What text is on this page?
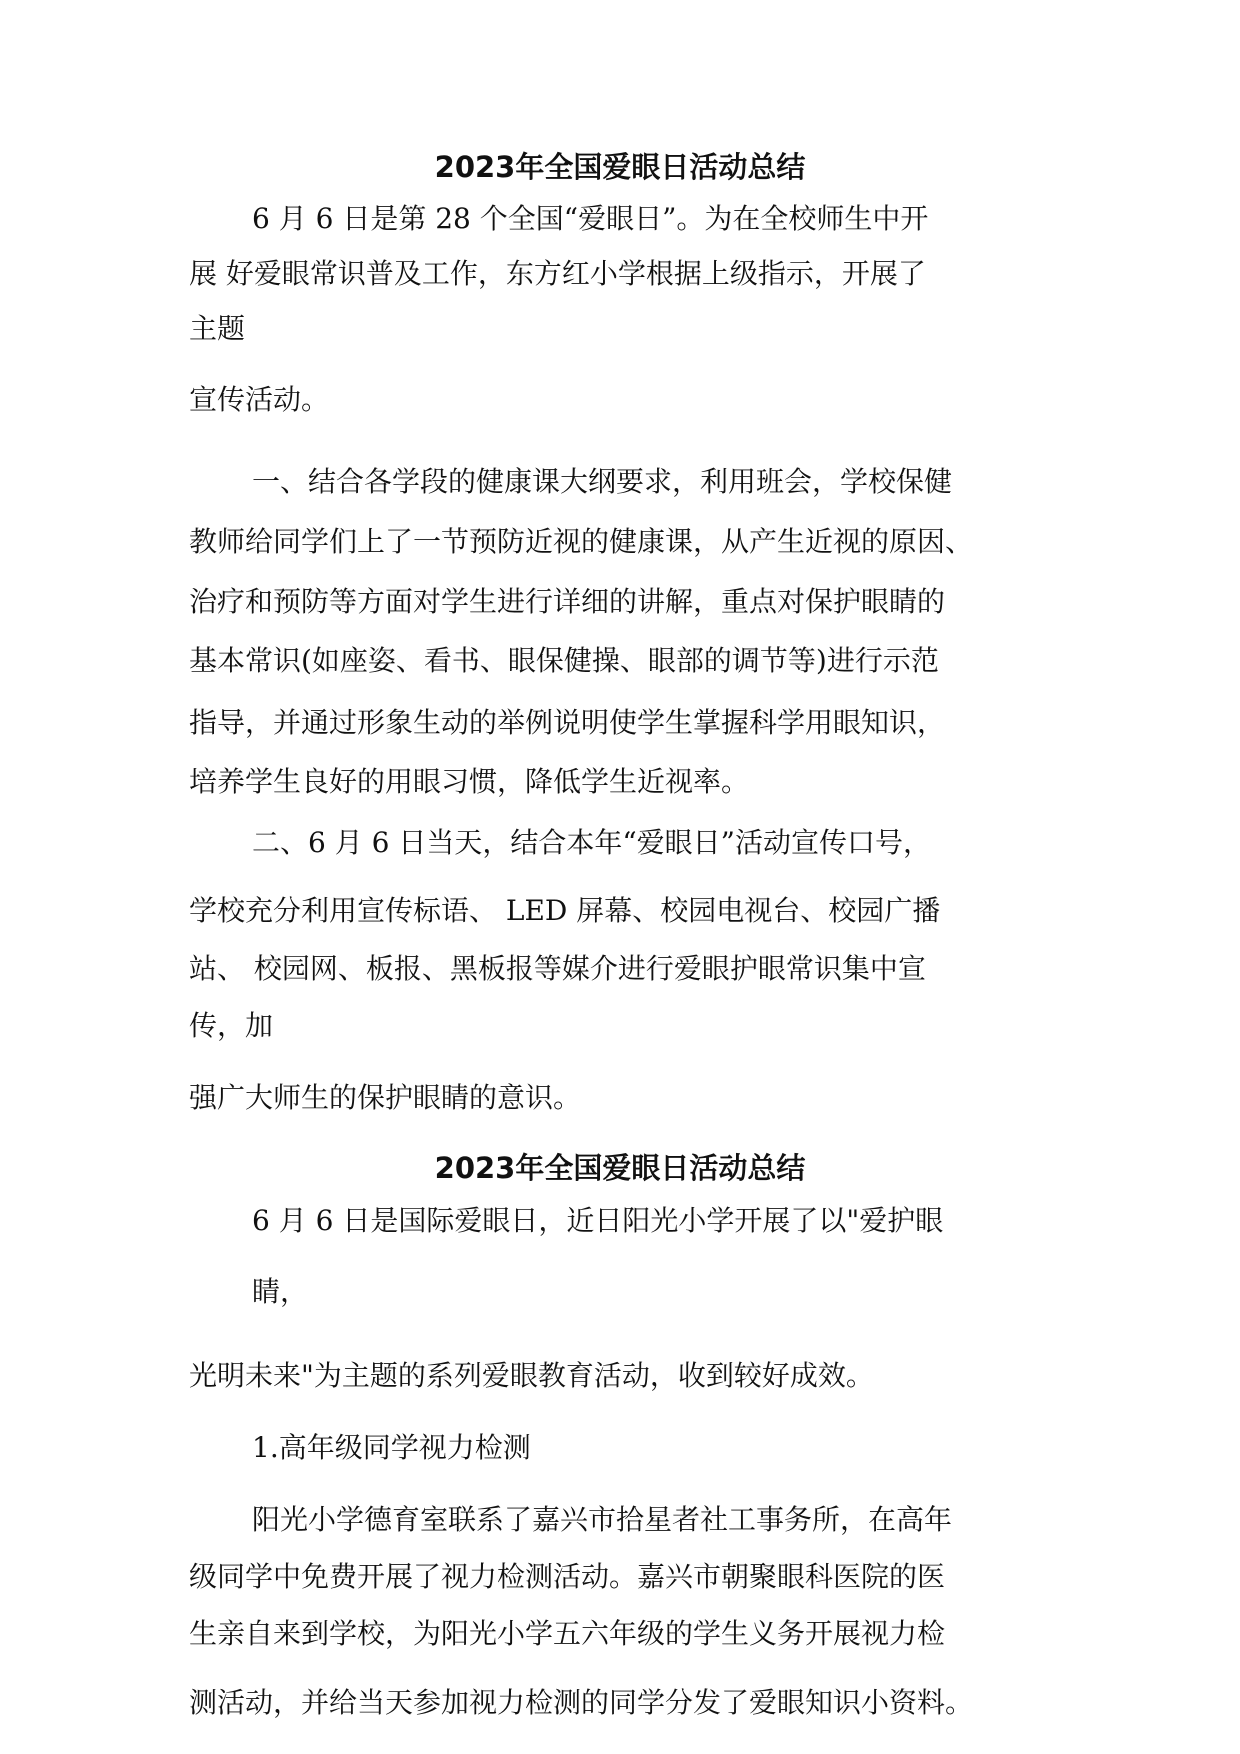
2023年全国爱眼日活动总结

6 月 6 日是第 28 个全国“爱眼日”。为在全校师生中开

展 好爱眼常识普及工作，东方红小学根据上级指示，开展了

主题

宣传活动。

一、结合各学段的健康课大纲要求，利用班会，学校保健

教师给同学们上了一节预防近视的健康课，从产生近视的原因、

治疗和预防等方面对学生进行详细的讲解，重点对保护眼睛的

基本常识(如座姿、看书、眼保健操、眼部的调节等)进行示范

指导，并通过形象生动的举例说明使学生掌握科学用眼知识，

培养学生良好的用眼习惯，降低学生近视率。

二、6 月 6 日当天，结合本年“爱眼日”活动宣传口号，

学校充分利用宣传标语、 LED 屏幕、校园电视台、校园广播

站、 校园网、板报、黑板报等媒介进行爱眼护眼常识集中宣

传，加

强广大师生的保护眼睛的意识。

2023年全国爱眼日活动总结

6 月 6 日是国际爱眼日，近日阳光小学开展了以"爱护眼

睛，

光明未来"为主题的系列爱眼教育活动，收到较好成效。

1.高年级同学视力检测

阳光小学德育室联系了嘉兴市拾星者社工事务所，在高年

级同学中免费开展了视力检测活动。嘉兴市朝聚眼科医院的医

生亲自来到学校，为阳光小学五六年级的学生义务开展视力检

测活动，并给当天参加视力检测的同学分发了爱眼知识小资料。
